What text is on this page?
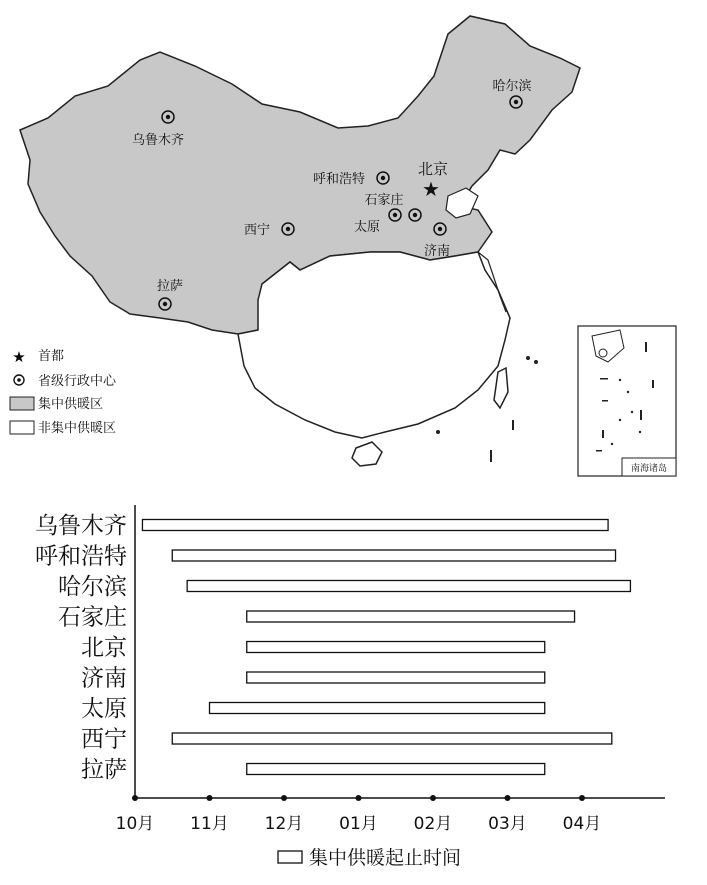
南海诸岛
乌鲁木齐
呼和浩特
哈尔滨
★
北京
石家庄
太原
济南
西宁
拉萨
★ 首都
省级行政中心
集中供暖区
非集中供暖区
乌鲁木齐
呼和浩特
哈尔滨
石家庄
北京
济南
太原
西宁
拉萨
10月 11月 12月 01月 02月 03月 04月
集中供暖起止时间
